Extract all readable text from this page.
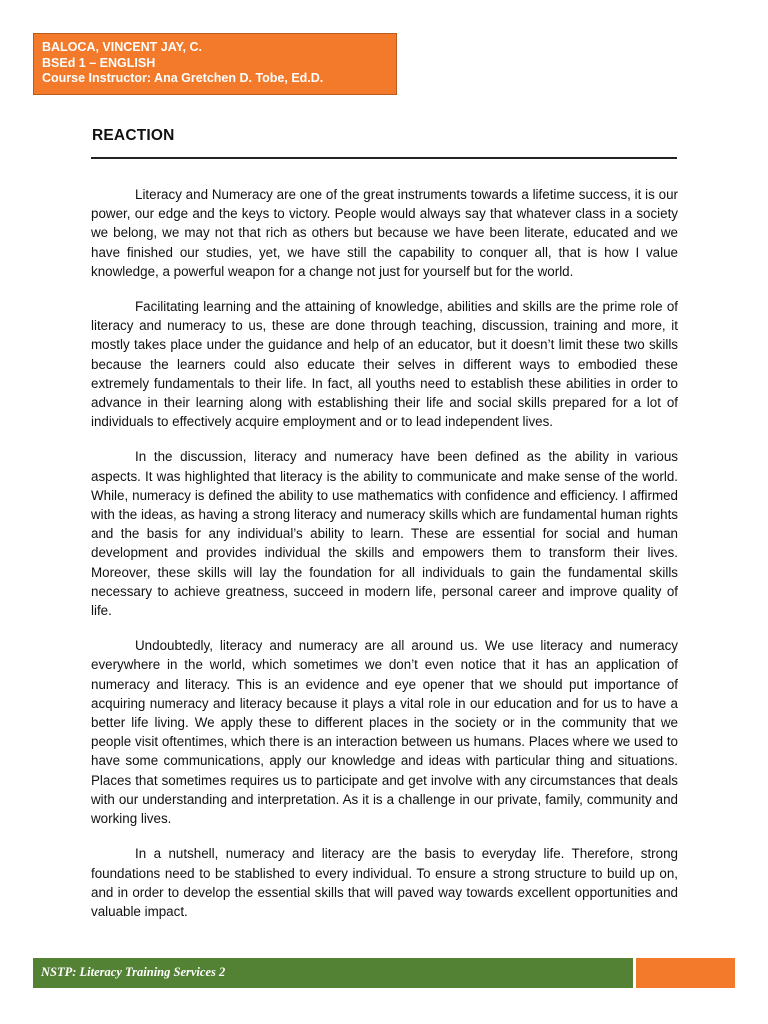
BALOCA, VINCENT JAY, C.
BSEd 1 – ENGLISH
Course Instructor: Ana Gretchen D. Tobe, Ed.D.
REACTION

Literacy and Numeracy are one of the great instruments towards a lifetime success, it is our power, our edge and the keys to victory. People would always say that whatever class in a society we belong, we may not that rich as others but because we have been literate, educated and we have finished our studies, yet, we have still the capability to conquer all, that is how I value knowledge, a powerful weapon for a change not just for yourself but for the world.

Facilitating learning and the attaining of knowledge, abilities and skills are the prime role of literacy and numeracy to us, these are done through teaching, discussion, training and more, it mostly takes place under the guidance and help of an educator, but it doesn’t limit these two skills because the learners could also educate their selves in different ways to embodied these extremely fundamentals to their life. In fact, all youths need to establish these abilities in order to advance in their learning along with establishing their life and social skills prepared for a lot of individuals to effectively acquire employment and or to lead independent lives.

In the discussion, literacy and numeracy have been defined as the ability in various aspects. It was highlighted that literacy is the ability to communicate and make sense of the world. While, numeracy is defined the ability to use mathematics with confidence and efficiency. I affirmed with the ideas, as having a strong literacy and numeracy skills which are fundamental human rights and the basis for any individual’s ability to learn. These are essential for social and human development and provides individual the skills and empowers them to transform their lives. Moreover, these skills will lay the foundation for all individuals to gain the fundamental skills necessary to achieve greatness, succeed in modern life, personal career and improve quality of life.

Undoubtedly, literacy and numeracy are all around us. We use literacy and numeracy everywhere in the world, which sometimes we don’t even notice that it has an application of numeracy and literacy. This is an evidence and eye opener that we should put importance of acquiring numeracy and literacy because it plays a vital role in our education and for us to have a better life living. We apply these to different places in the society or in the community that we people visit oftentimes, which there is an interaction between us humans. Places where we used to have some communications, apply our knowledge and ideas with particular thing and situations. Places that sometimes requires us to participate and get involve with any circumstances that deals with our understanding and interpretation. As it is a challenge in our private, family, community and working lives.

In a nutshell, numeracy and literacy are the basis to everyday life. Therefore, strong foundations need to be stablished to every individual. To ensure a strong structure to build up on, and in order to develop the essential skills that will paved way towards excellent opportunities and valuable impact.

NSTP: Literacy Training Services 2
